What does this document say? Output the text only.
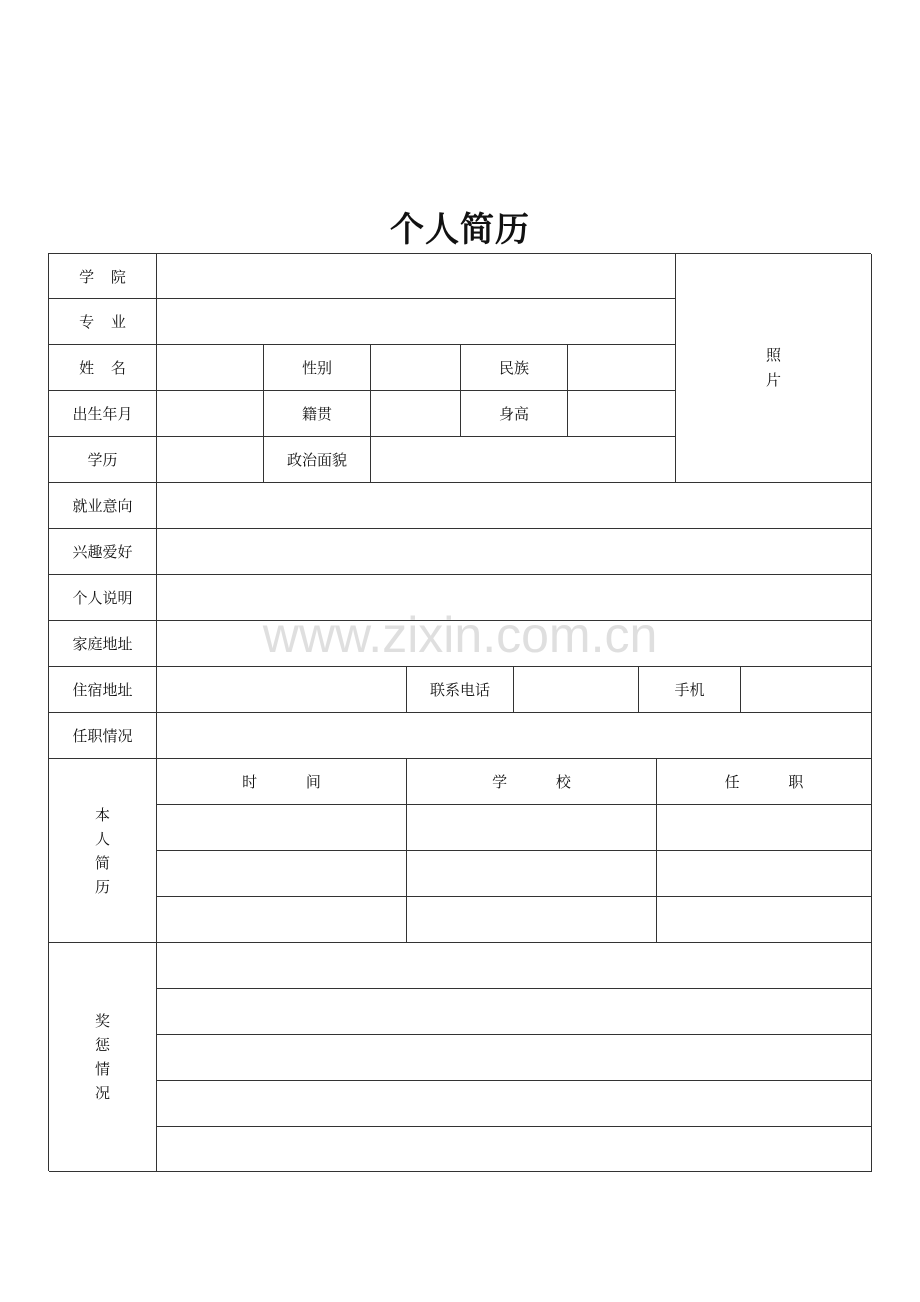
个人简历
学 院
照片
专 业
姓 名	性别	民族
出生年月	籍贯	身高
学历	政治面貌
就业意向
兴趣爱好
个人说明
家庭地址
住宿地址	联系电话	手机
任职情况
本人简历
时 间	学 校	任 职
奖惩情况
www.zixin.com.cn
